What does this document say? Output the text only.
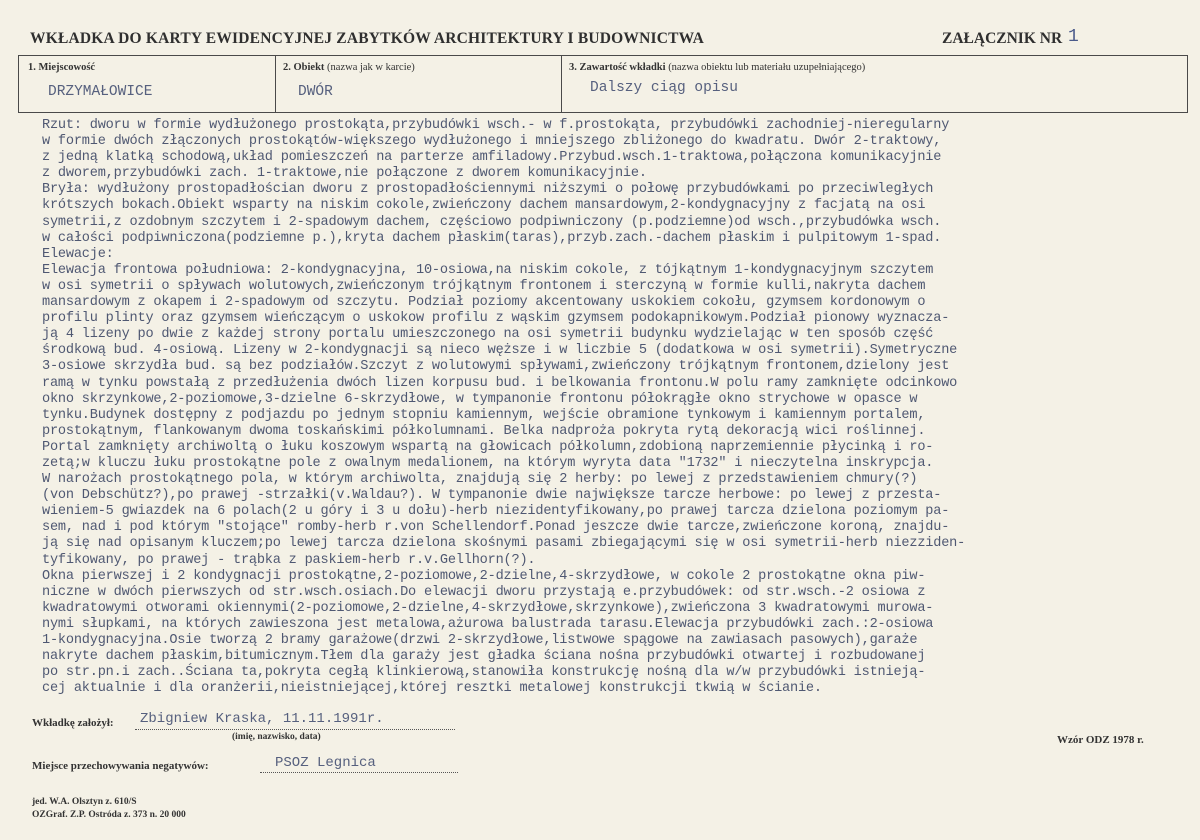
WKŁADKA DO KARTY EWIDENCYJNEJ ZABYTKÓW ARCHITEKTURY I BUDOWNICTWA	ZAŁĄCZNIK NR 1
1. Miejscowość
DRZYMAŁOWICE
2. Obiekt (nazwa jak w karcie)
DWÓR
3. Zawartość wkładki (nazwa obiektu lub materiału uzupełniającego)
Dalszy ciąg opisu
Rzut: dworu w formie wydłużonego prostokąta,przybudówki wsch.- w f.prostokąta, przybudówki zachodniej-nieregularny
w formie dwóch złączonych prostokątów-większego wydłużonego i mniejszego zbliżonego do kwadratu. Dwór 2-traktowy,
z jedną klatką schodową,układ pomieszczeń na parterze amfiladowy.Przybud.wsch.1-traktowa,połączona komunikacyjnie
z dworem,przybudówki zach. 1-traktowe,nie połączone z dworem komunikacyjnie.
Bryła: wydłużony prostopadłościan dworu z prostopadłościennymi niższymi o połowę przybudówkami po przeciwległych
krótszych bokach.Obiekt wsparty na niskim cokole,zwieńczony dachem mansardowym,2-kondygnacyjny z facjatą na osi
symetrii,z ozdobnym szczytem i 2-spadowym dachem, częściowo podpiwniczony (p.podziemne)od wsch.,przybudówka wsch.
w całości podpiwniczona(podziemne p.),kryta dachem płaskim(taras),przyb.zach.-dachem płaskim i pulpitowym 1-spad.
Elewacje:
Elewacja frontowa południowa: 2-kondygnacyjna, 10-osiowa,na niskim cokole, z tójkątnym 1-kondygnacyjnym szczytem
w osi symetrii o spływach wolutowych,zwieńczonym trójkątnym frontonem i sterczyną w formie kulli,nakryta dachem
mansardowym z okapem i 2-spadowym od szczytu. Podział poziomy akcentowany uskokiem cokołu, gzymsem kordonowym o
profilu plinty oraz gzymsem wieńczącym o uskokow profilu z wąskim gzymsem podokapnikowym.Podział pionowy wyznacza-
ją 4 lizeny po dwie z każdej strony portalu umieszczonego na osi symetrii budynku wydzielając w ten sposób część
środkową bud. 4-osiową. Lizeny w 2-kondygnacji są nieco węższe i w liczbie 5 (dodatkowa w osi symetrii).Symetryczne
3-osiowe skrzydła bud. są bez podziałów.Szczyt z wolutowymi spływami,zwieńczony trójkątnym frontonem,dzielony jest
ramą w tynku powstałą z przedłużenia dwóch lizen korpusu bud. i belkowania frontonu.W polu ramy zamknięte odcinkowo
okno skrzynkowe,2-poziomowe,3-dzielne 6-skrzydłowe, w tympanonie frontonu półokrągłe okno strychowe w opasce w
tynku.Budynek dostępny z podjazdu po jednym stopniu kamiennym, wejście obramione tynkowym i kamiennym portalem,
prostokątnym, flankowanym dwoma toskańskimi półkolumnami. Belka nadproża pokryta rytą dekoracją wici roślinnej.
Portal zamknięty archiwoltą o łuku koszowym wspartą na głowicach półkolumn,zdobioną naprzemiennie płycinką i ro-
zetą;w kluczu łuku prostokątne pole z owalnym medalionem, na którym wyryta data "1732" i nieczytelna inskrypcja.
W narożach prostokątnego pola, w którym archiwolta, znajdują się 2 herby: po lewej z przedstawieniem chmury(?)
(von Debschütz?),po prawej -strzałki(v.Waldau?). W tympanonie dwie największe tarcze herbowe: po lewej z przesta-
wieniem-5 gwiazdek na 6 polach(2 u góry i 3 u dołu)-herb niezidentyfikowany,po prawej tarcza dzielona poziomym pa-
sem, nad i pod którym "stojące" romby-herb r.von Schellendorf.Ponad jeszcze dwie tarcze,zwieńczone koroną, znajdu-
ją się nad opisanym kluczem;po lewej tarcza dzielona skośnymi pasami zbiegającymi się w osi symetrii-herb niezziden-
tyfikowany, po prawej - trąbka z paskiem-herb r.v.Gellhorn(?).
Okna pierwszej i 2 kondygnacji prostokątne,2-poziomowe,2-dzielne,4-skrzydłowe, w cokole 2 prostokątne okna piw-
niczne w dwóch pierwszych od str.wsch.osiach.Do elewacji dworu przystają e.przybudówek: od str.wsch.-2 osiowa z
kwadratowymi otworami okiennymi(2-poziomowe,2-dzielne,4-skrzydłowe,skrzynkowe),zwieńczona 3 kwadratowymi murowa-
nymi słupkami, na których zawieszona jest metalowa,ażurowa balustrada tarasu.Elewacja przybudówki zach.:2-osiowa
1-kondygnacyjna.Osie tworzą 2 bramy garażowe(drzwi 2-skrzydłowe,listwowe spągowe na zawiasach pasowych),garaże
nakryte dachem płaskim,bitumicznym.Tłem dla garaży jest gładka ściana nośna przybudówki otwartej i rozbudowanej
po str.pn.i zach..Ściana ta,pokryta cegłą klinkierową,stanowiła konstrukcję nośną dla w/w przybudówki istnieją-
cej aktualnie i dla oranżerii,nieistniejącej,której resztki metalowej konstrukcji tkwią w ścianie.
Wkładkę założył: Zbigniew Kraska, 11.11.1991r.
(imię, nazwisko, data)	Wzór ODZ 1978 r.
Miejsce przechowywania negatywów:	PSOZ Legnica
jed. W.A. Olsztyn z. 610/S
OZGraf. Z.P. Ostróda z. 373 n. 20 000
